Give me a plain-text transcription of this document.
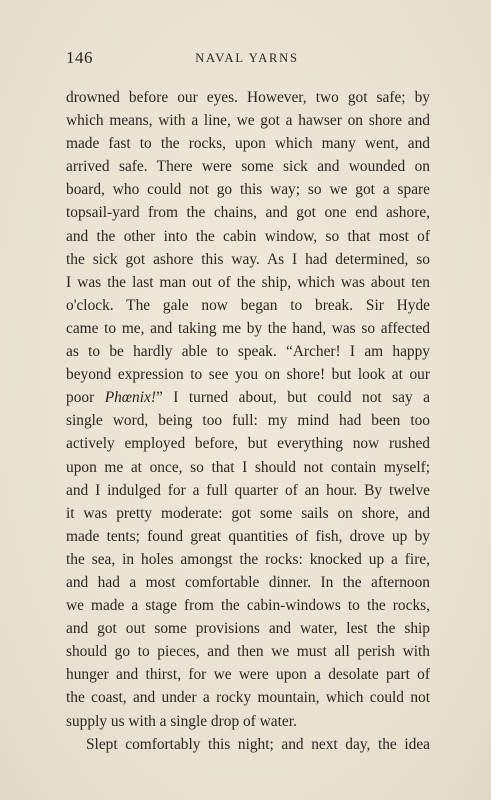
146	NAVAL YARNS
drowned before our eyes. However, two got safe; by
which means, with a line, we got a hawser on shore and
made fast to the rocks, upon which many went, and
arrived safe. There were some sick and wounded on
board, who could not go this way; so we got a spare
topsail-yard from the chains, and got one end ashore,
and the other into the cabin window, so that most of
the sick got ashore this way. As I had determined, so
I was the last man out of the ship, which was about ten
o'clock. The gale now began to break. Sir Hyde
came to me, and taking me by the hand, was so affected
as to be hardly able to speak. “Archer! I am happy
beyond expression to see you on shore! but look at our
poor Phœnix!” I turned about, but could not say a
single word, being too full: my mind had been too
actively employed before, but everything now rushed
upon me at once, so that I should not contain myself;
and I indulged for a full quarter of an hour. By twelve
it was pretty moderate: got some sails on shore, and
made tents; found great quantities of fish, drove up by
the sea, in holes amongst the rocks: knocked up a fire,
and had a most comfortable dinner. In the afternoon
we made a stage from the cabin-windows to the rocks,
and got out some provisions and water, lest the ship
should go to pieces, and then we must all perish with
hunger and thirst, for we were upon a desolate part of
the coast, and under a rocky mountain, which could not
supply us with a single drop of water.
Slept comfortably this night; and next day, the idea
